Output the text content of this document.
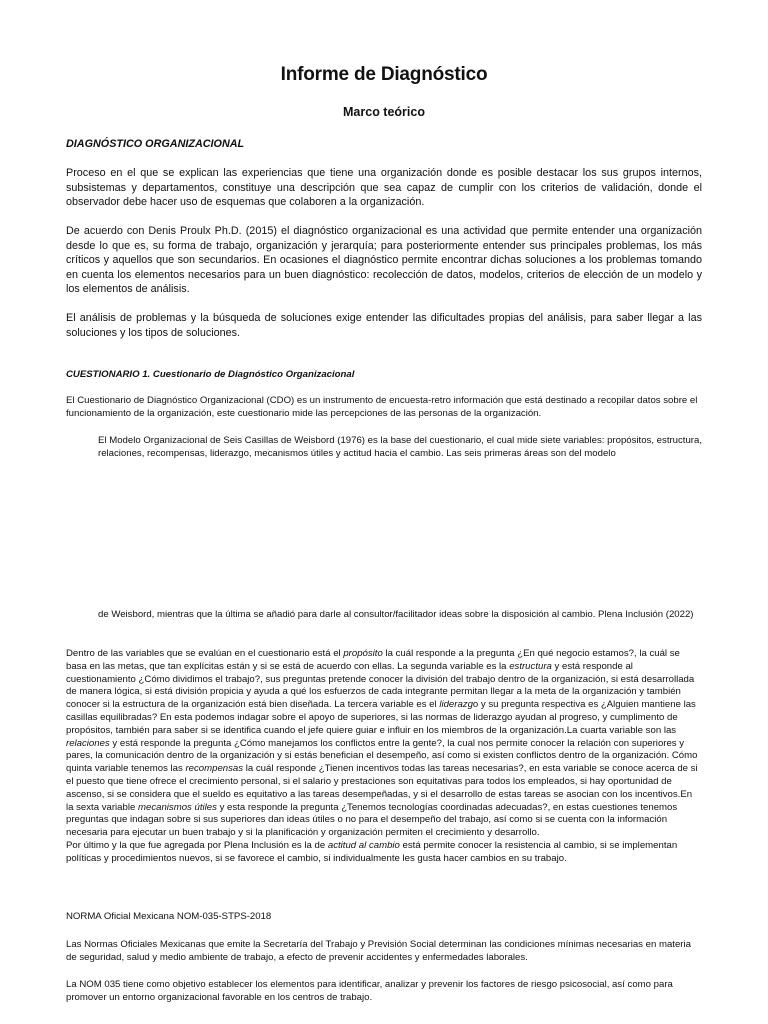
Informe de Diagnóstico
Marco teórico
DIAGNÓSTICO ORGANIZACIONAL

Proceso en el que se explican las experiencias que tiene una organización donde es posible destacar los sus grupos internos, subsistemas y departamentos, constituye una descripción que sea capaz de cumplir con los criterios de validación, donde el observador debe hacer uso de esquemas que colaboren a la organización.

De acuerdo con Denis Proulx Ph.D. (2015) el diagnóstico organizacional es una actividad que permite entender una organización desde lo que es, su forma de trabajo, organización y jerarquía; para posteriormente entender sus principales problemas, los más críticos y aquellos que son secundarios. En ocasiones el diagnóstico permite encontrar dichas soluciones a los problemas tomando en cuenta los elementos necesarios para un buen diagnóstico: recolección de datos, modelos, criterios de elección de un modelo y los elementos de análisis.

El análisis de problemas y la búsqueda de soluciones exige entender las dificultades propias del análisis, para saber llegar a las soluciones y los tipos de soluciones.

CUESTIONARIO 1. Cuestionario de Diagnóstico Organizacional

El Cuestionario de Diagnóstico Organizacional (CDO) es un instrumento de encuesta-retro información que está destinado a recopilar datos sobre el funcionamiento de la organización, este cuestionario mide las percepciones de las personas de la organización.

El Modelo Organizacional de Seis Casillas de Weisbord (1976) es la base del cuestionario, el cual mide siete variables: propósitos, estructura, relaciones, recompensas, liderazgo, mecanismos útiles y actitud hacia el cambio. Las seis primeras áreas son del modelo

de Weisbord, mientras que la última se añadió para darle al consultor/facilitador ideas sobre la disposición al cambio. Plena Inclusión (2022)

Dentro de las variables que se evalúan en el cuestionario está el propósito la cuál responde a la pregunta ¿En qué negocio estamos?, la cuál se basa en las metas, que tan explícitas están y si se está de acuerdo con ellas. La segunda variable es la estructura y está responde al cuestionamiento ¿Cómo dividimos el trabajo?, sus preguntas pretende conocer la división del trabajo dentro de la organización, si está desarrollada de manera lógica, si está división propicia y ayuda a qué los esfuerzos de cada integrante permitan llegar a la meta de la organización y también conocer si la estructura de la organización está bien diseñada. La tercera variable es el liderazgo y su pregunta respectiva es ¿Alguien mantiene las casillas equilibradas? En esta podemos indagar sobre el apoyo de superiores, si las normas de liderazgo ayudan al progreso, y cumplimento de propósitos, también para saber si se identifica cuando el jefe quiere guiar e influir en los miembros de la organización.La cuarta variable son las relaciones y está responde la pregunta ¿Cómo manejamos los conflictos entre la gente?, la cual nos permite conocer la relación con superiores y pares, la comunicación dentro de la organización y si estás benefician el desempeño, así como si existen conflictos dentro de la organización. Cómo quinta variable tenemos las recompensas la cuál responde ¿Tienen incentivos todas las tareas necesarias?, en esta variable se conoce acerca de si el puesto que tiene ofrece el crecimiento personal, si el salario y prestaciones son equitativas para todos los empleados, si hay oportunidad de ascenso, si se considera que el sueldo es equitativo a las tareas desempeñadas, y si el desarrollo de estas tareas se asocian con los incentivos.En la sexta variable mecanismos útiles y esta responde la pregunta ¿Tenemos tecnologías coordinadas adecuadas?, en estas cuestiones tenemos preguntas que indagan sobre si sus superiores dan ideas útiles o no para el desempeño del trabajo, así como si se cuenta con la información necesaria para ejecutar un buen trabajo y si la planificación y organización permiten el crecimiento y desarrollo.
Por último y la que fue agregada por Plena Inclusión es la de actitud al cambio está permite conocer la resistencia al cambio, si se implementan políticas y procedimientos nuevos, si se favorece el cambio, si individualmente les gusta hacer cambios en su trabajo.

NORMA Oficial Mexicana NOM-035-STPS-2018

Las Normas Oficiales Mexicanas que emite la Secretaría del Trabajo y Previsión Social determinan las condiciones mínimas necesarias en materia de seguridad, salud y medio ambiente de trabajo, a efecto de prevenir accidentes y enfermedades laborales.

La NOM 035 tiene como objetivo establecer los elementos para identificar, analizar y prevenir los factores de riesgo psicosocial, así como para promover un entorno organizacional favorable en los centros de trabajo.
